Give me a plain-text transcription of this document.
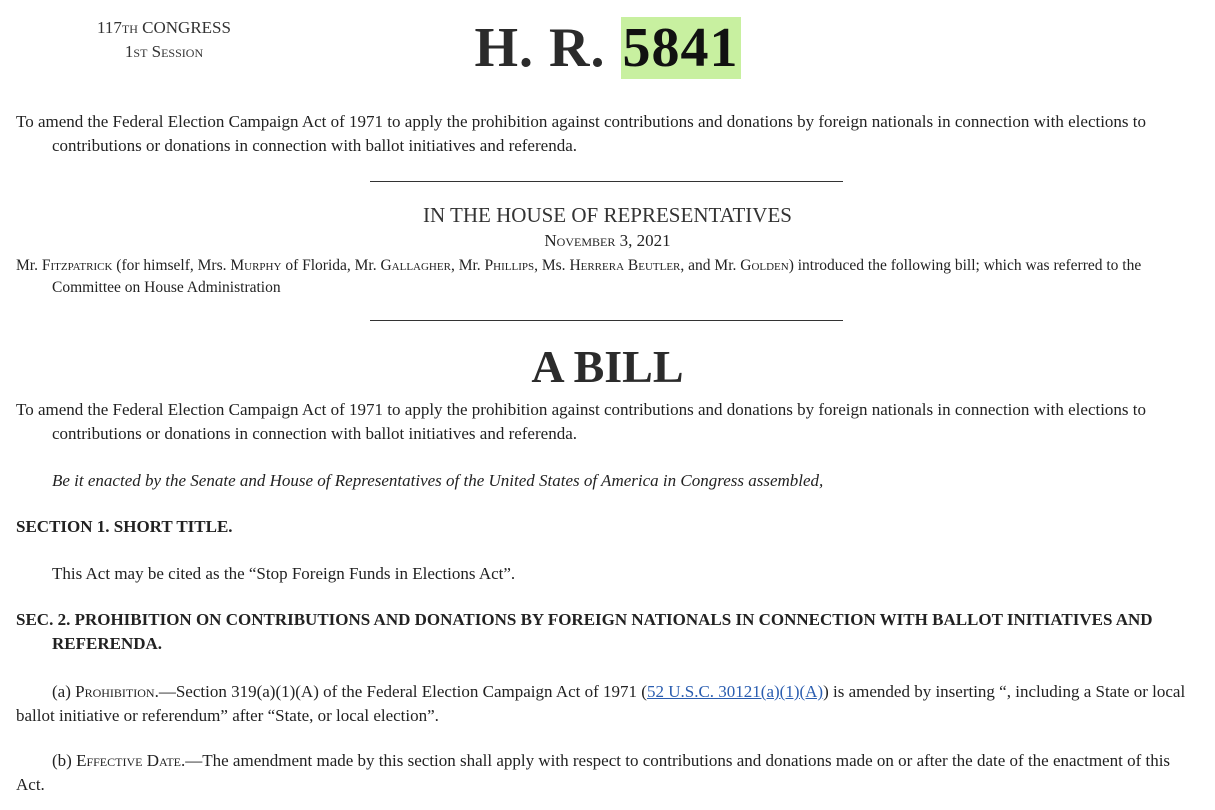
117th CONGRESS
1st Session	H. R. 5841
To amend the Federal Election Campaign Act of 1971 to apply the prohibition against contributions and donations by foreign nationals in connection with elections to contributions or donations in connection with ballot initiatives and referenda.
IN THE HOUSE OF REPRESENTATIVES
November 3, 2021
Mr. Fitzpatrick (for himself, Mrs. Murphy of Florida, Mr. Gallagher, Mr. Phillips, Ms. Herrera Beutler, and Mr. Golden) introduced the following bill; which was referred to the Committee on House Administration
A BILL
To amend the Federal Election Campaign Act of 1971 to apply the prohibition against contributions and donations by foreign nationals in connection with elections to contributions or donations in connection with ballot initiatives and referenda.
Be it enacted by the Senate and House of Representatives of the United States of America in Congress assembled,
SECTION 1. SHORT TITLE.
This Act may be cited as the “Stop Foreign Funds in Elections Act”.
SEC. 2. PROHIBITION ON CONTRIBUTIONS AND DONATIONS BY FOREIGN NATIONALS IN CONNECTION WITH BALLOT INITIATIVES AND REFERENDA.
(a) Prohibition.—Section 319(a)(1)(A) of the Federal Election Campaign Act of 1971 (52 U.S.C. 30121(a)(1)(A)) is amended by inserting “, including a State or local ballot initiative or referendum” after “State, or local election”.
(b) Effective Date.—The amendment made by this section shall apply with respect to contributions and donations made on or after the date of the enactment of this Act.
